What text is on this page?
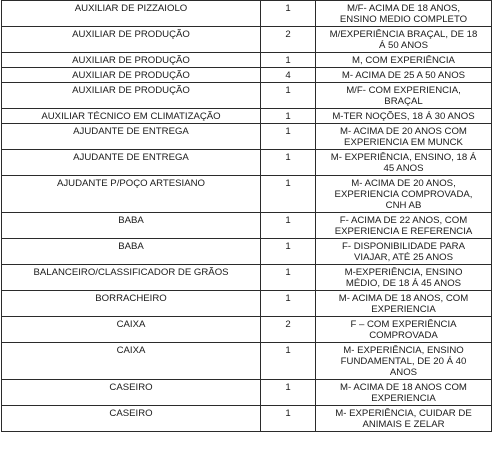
AUXILIAR DE PIZZAIOLO	1	M/F- ACIMA DE 18 ANOS,
ENSINO MEDIO COMPLETO
AUXILIAR DE PRODUÇÃO	2	M/EXPERIÊNCIA BRAÇAL, DE 18
Á 50 ANOS
AUXILIAR DE PRODUÇÃO	1	M, COM EXPERIÊNCIA
AUXILIAR DE PRODUÇÃO	4	M- ACIMA DE 25 A 50 ANOS
AUXILIAR DE PRODUÇÃO	1	M/F- COM EXPERIENCIA,
BRAÇAL
AUXILIAR TÉCNICO EM CLIMATIZAÇÃO	1	M-TER NOÇÕES, 18 Á 30 ANOS
AJUDANTE DE ENTREGA	1	M- ACIMA DE 20 ANOS COM
EXPERIENCIA EM MUNCK
AJUDANTE DE ENTREGA	1	M- EXPERIÊNCIA, ENSINO, 18 Á
45 ANOS
AJUDANTE P/POÇO ARTESIANO	1	M- ACIMA DE 20 ANOS,
EXPERIENCIA COMPROVADA,
CNH AB
BABA	1	F- ACIMA DE 22 ANOS, COM
EXPERIENCIA E REFERENCIA
BABA	1	F- DISPONIBILIDADE PARA
VIAJAR, ATÉ 25 ANOS
BALANCEIRO/CLASSIFICADOR DE GRÃOS	1	M-EXPERIÊNCIA, ENSINO
MÉDIO, DE 18 Á 45 ANOS
BORRACHEIRO	1	M- ACIMA DE 18 ANOS, COM
EXPERIENCIA
CAIXA	2	F – COM EXPERIÊNCIA
COMPROVADA
CAIXA	1	M- EXPERIÊNCIA, ENSINO
FUNDAMENTAL, DE 20 Á 40
ANOS
CASEIRO	1	M- ACIMA DE 18 ANOS COM
EXPERIENCIA
CASEIRO	1	M- EXPERIÊNCIA, CUIDAR DE
ANIMAIS E ZELAR
